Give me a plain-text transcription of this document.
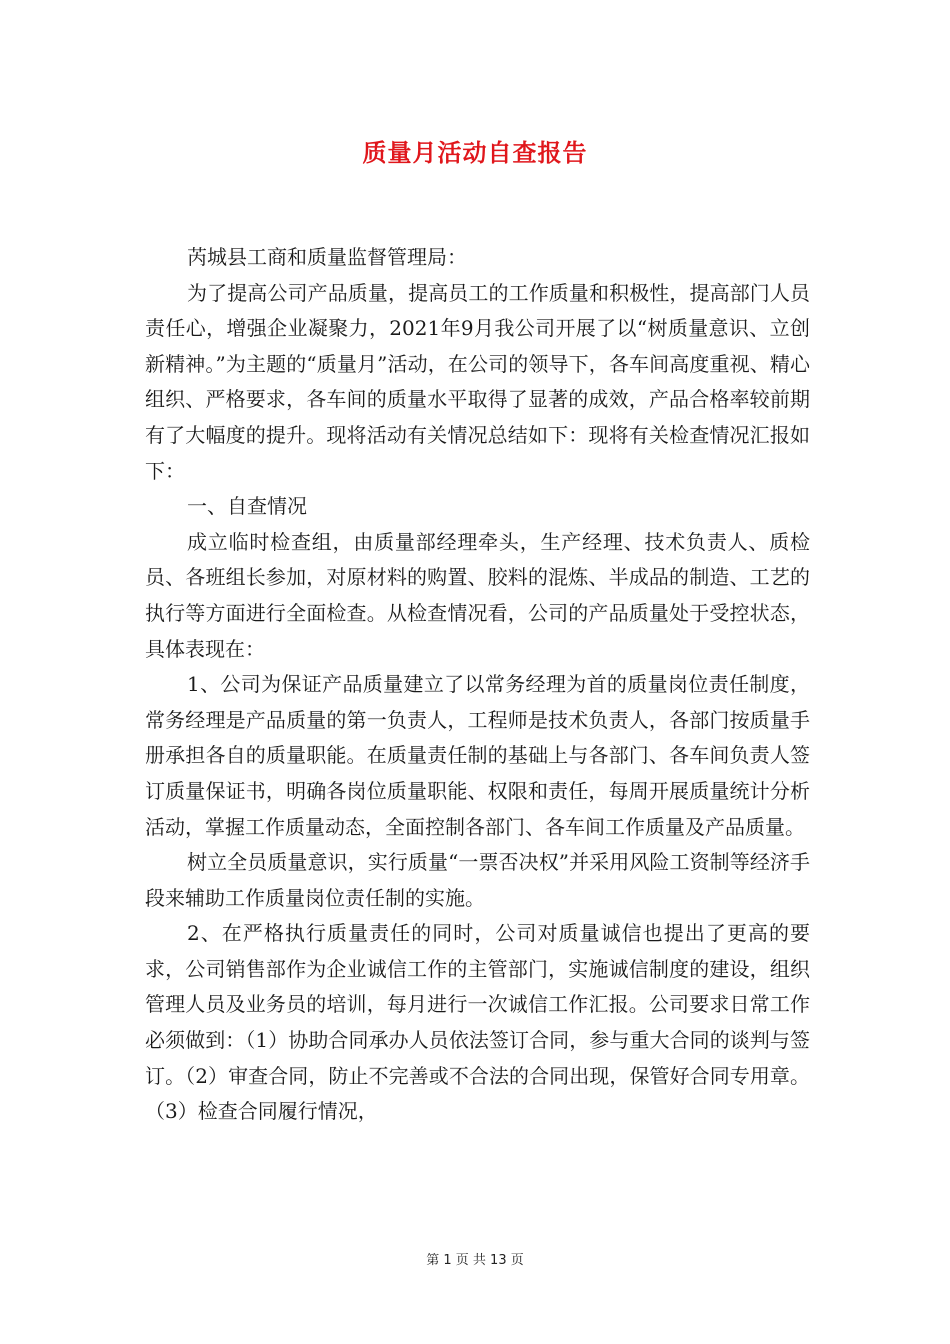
质量月活动自查报告

芮城县工商和质量监督管理局：

为了提高公司产品质量，提高员工的工作质量和积极性，提高部门人员责任心，增强企业凝聚力，2021年9月我公司开展了以“树质量意识、立创新精神。”为主题的“质量月”活动，在公司的领导下，各车间高度重视、精心组织、严格要求，各车间的质量水平取得了显著的成效，产品合格率较前期有了大幅度的提升。现将活动有关情况总结如下：现将有关检查情况汇报如下：

一、自查情况

成立临时检查组，由质量部经理牵头，生产经理、技术负责人、质检员、各班组长参加，对原材料的购置、胶料的混炼、半成品的制造、工艺的执行等方面进行全面检查。从检查情况看，公司的产品质量处于受控状态，具体表现在：

1、公司为保证产品质量建立了以常务经理为首的质量岗位责任制度，常务经理是产品质量的第一负责人，工程师是技术负责人，各部门按质量手册承担各自的质量职能。在质量责任制的基础上与各部门、各车间负责人签订质量保证书，明确各岗位质量职能、权限和责任，每周开展质量统计分析活动，掌握工作质量动态，全面控制各部门、各车间工作质量及产品质量。

树立全员质量意识，实行质量“一票否决权”并采用风险工资制等经济手段来辅助工作质量岗位责任制的实施。

2、在严格执行质量责任的同时，公司对质量诚信也提出了更高的要求，公司销售部作为企业诚信工作的主管部门，实施诚信制度的建设，组织管理人员及业务员的培训，每月进行一次诚信工作汇报。公司要求日常工作必须做到：（1）协助合同承办人员依法签订合同，参与重大合同的谈判与签订。（2）审查合同，防止不完善或不合法的合同出现，保管好合同专用章。（3）检查合同履行情况，

第 1 页 共 13 页
